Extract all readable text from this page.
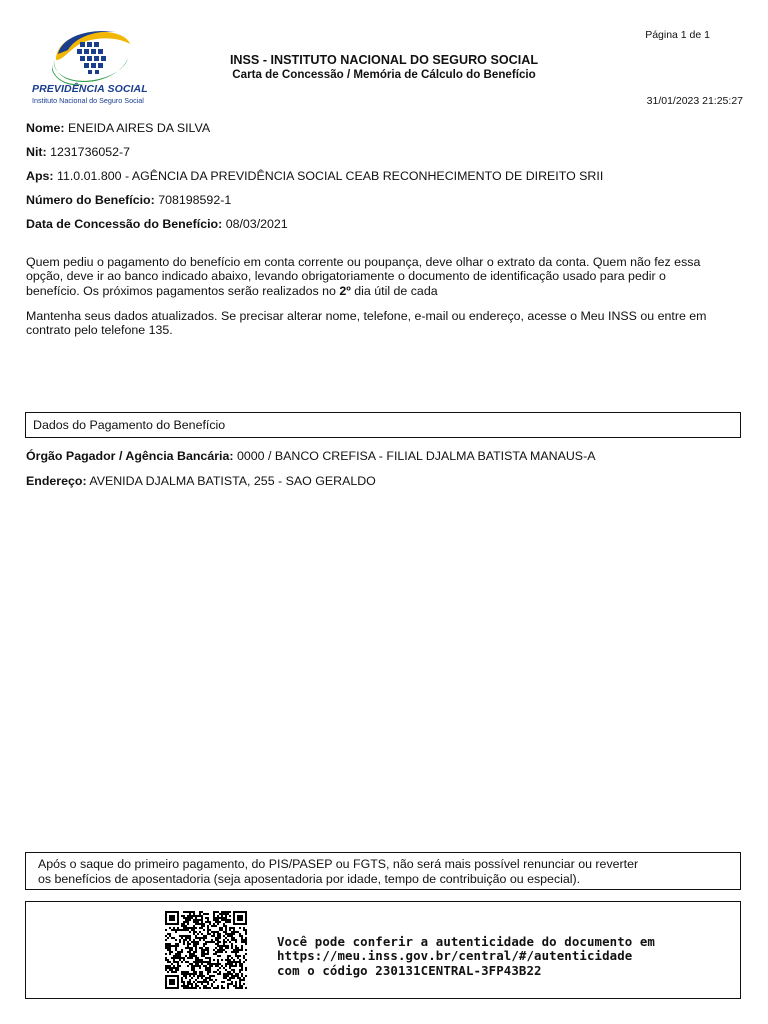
PREVIDÊNCIA SOCIAL
Instituto Nacional do Seguro Social
Página 1 de 1
INSS - INSTITUTO NACIONAL DO SEGURO SOCIAL
Carta de Concessão / Memória de Cálculo do Benefício
31/01/2023 21:25:27
Nome: ENEIDA AIRES DA SILVA
Nit: 1231736052-7
Aps: 11.0.01.800 - AGÊNCIA DA PREVIDÊNCIA SOCIAL CEAB RECONHECIMENTO DE DIREITO SRII
Número do Benefício: 708198592-1
Data de Concessão do Benefício: 08/03/2021
Quem pediu o pagamento do benefício em conta corrente ou poupança, deve olhar o extrato da conta. Quem não fez essa
opção, deve ir ao banco indicado abaixo, levando obrigatoriamente o documento de identificação usado para pedir o
benefício. Os próximos pagamentos serão realizados no 2º dia útil de cada
Mantenha seus dados atualizados. Se precisar alterar nome, telefone, e-mail ou endereço, acesse o Meu INSS ou entre em
contrato pelo telefone 135.
Dados do Pagamento do Benefício
Órgão Pagador / Agência Bancária: 0000 / BANCO CREFISA - FILIAL DJALMA BATISTA MANAUS-A
Endereço: AVENIDA DJALMA BATISTA, 255 - SAO GERALDO
Após o saque do primeiro pagamento, do PIS/PASEP ou FGTS, não será mais possível renunciar ou reverter
os benefícios de aposentadoria (seja aposentadoria por idade, tempo de contribuição ou especial).
Você pode conferir a autenticidade do documento em
https://meu.inss.gov.br/central/#/autenticidade
com o código 230131CENTRAL-3FP43B22
